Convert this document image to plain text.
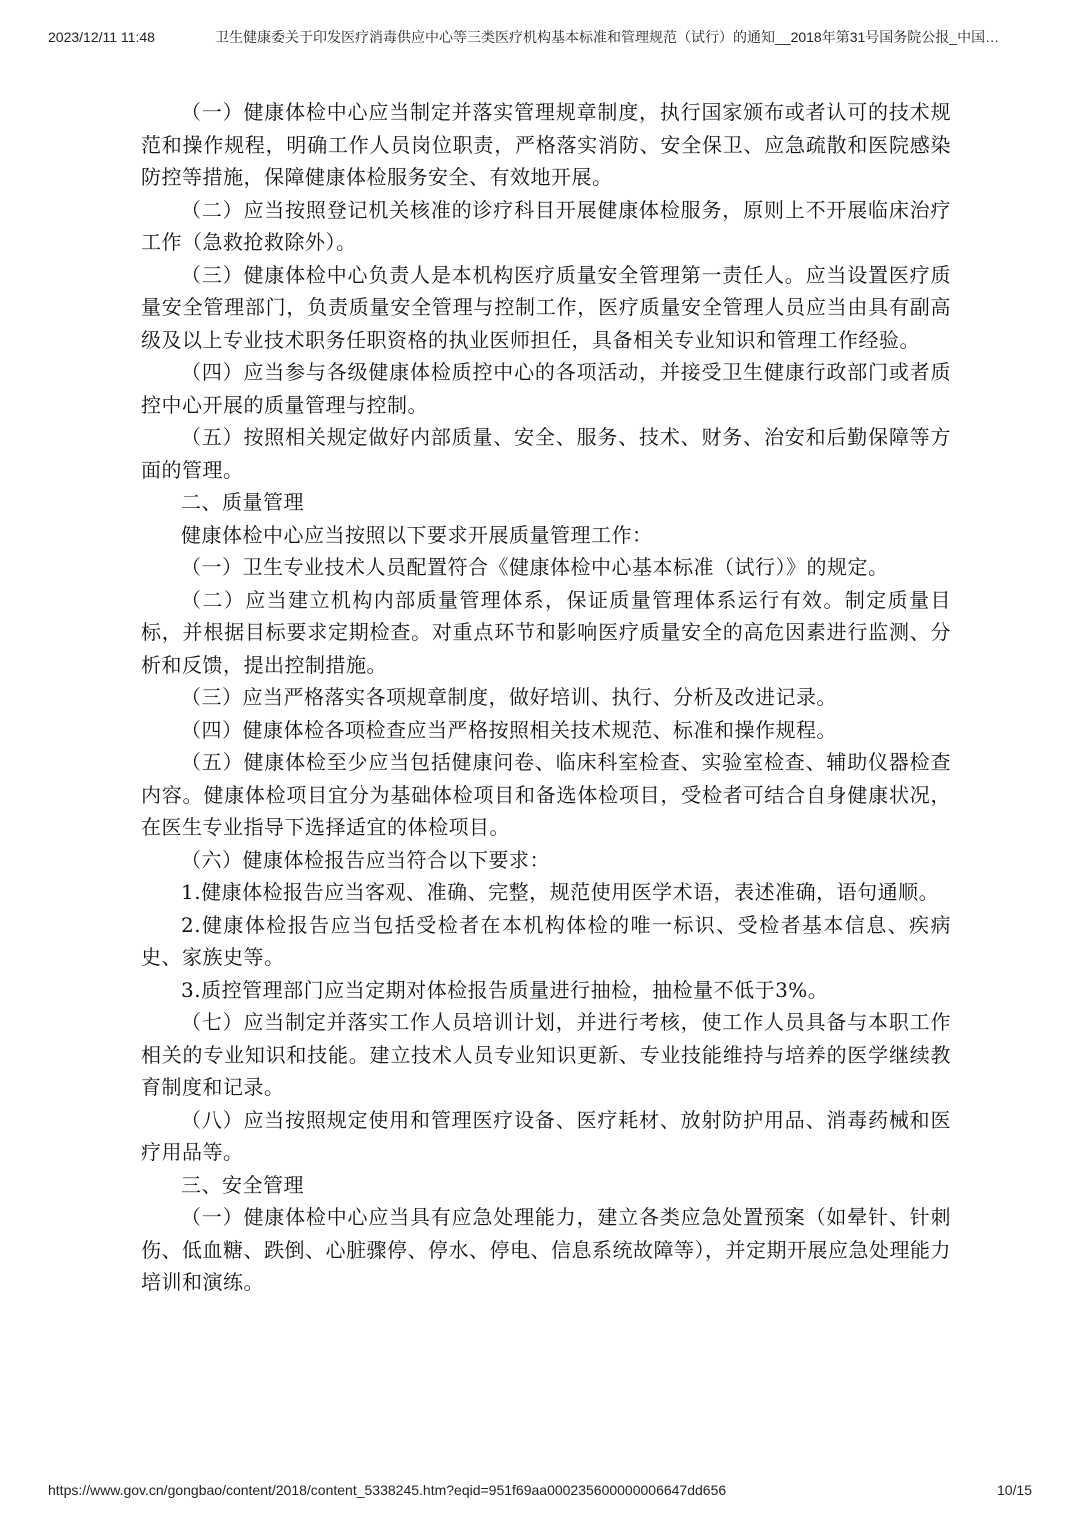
2023/12/11 11:48	卫生健康委关于印发医疗消毒供应中心等三类医疗机构基本标准和管理规范（试行）的通知__2018年第31号国务院公报_中国…

（一）健康体检中心应当制定并落实管理规章制度，执行国家颁布或者认可的技术规范和操作规程，明确工作人员岗位职责，严格落实消防、安全保卫、应急疏散和医院感染防控等措施，保障健康体检服务安全、有效地开展。

（二）应当按照登记机关核准的诊疗科目开展健康体检服务，原则上不开展临床治疗工作（急救抢救除外）。

（三）健康体检中心负责人是本机构医疗质量安全管理第一责任人。应当设置医疗质量安全管理部门，负责质量安全管理与控制工作，医疗质量安全管理人员应当由具有副高级及以上专业技术职务任职资格的执业医师担任，具备相关专业知识和管理工作经验。

（四）应当参与各级健康体检质控中心的各项活动，并接受卫生健康行政部门或者质控中心开展的质量管理与控制。

（五）按照相关规定做好内部质量、安全、服务、技术、财务、治安和后勤保障等方面的管理。

二、质量管理

健康体检中心应当按照以下要求开展质量管理工作：

（一）卫生专业技术人员配置符合《健康体检中心基本标准（试行）》的规定。

（二）应当建立机构内部质量管理体系，保证质量管理体系运行有效。制定质量目标，并根据目标要求定期检查。对重点环节和影响医疗质量安全的高危因素进行监测、分析和反馈，提出控制措施。

（三）应当严格落实各项规章制度，做好培训、执行、分析及改进记录。

（四）健康体检各项检查应当严格按照相关技术规范、标准和操作规程。

（五）健康体检至少应当包括健康问卷、临床科室检查、实验室检查、辅助仪器检查内容。健康体检项目宜分为基础体检项目和备选体检项目，受检者可结合自身健康状况，在医生专业指导下选择适宜的体检项目。

（六）健康体检报告应当符合以下要求：

1.健康体检报告应当客观、准确、完整，规范使用医学术语，表述准确，语句通顺。

2.健康体检报告应当包括受检者在本机构体检的唯一标识、受检者基本信息、疾病史、家族史等。

3.质控管理部门应当定期对体检报告质量进行抽检，抽检量不低于3%。

（七）应当制定并落实工作人员培训计划，并进行考核，使工作人员具备与本职工作相关的专业知识和技能。建立技术人员专业知识更新、专业技能维持与培养的医学继续教育制度和记录。

（八）应当按照规定使用和管理医疗设备、医疗耗材、放射防护用品、消毒药械和医疗用品等。

三、安全管理

（一）健康体检中心应当具有应急处理能力，建立各类应急处置预案（如晕针、针刺伤、低血糖、跌倒、心脏骤停、停水、停电、信息系统故障等），并定期开展应急处理能力培训和演练。

https://www.gov.cn/gongbao/content/2018/content_5338245.htm?eqid=951f69aa000235600000006647dd656	10/15
